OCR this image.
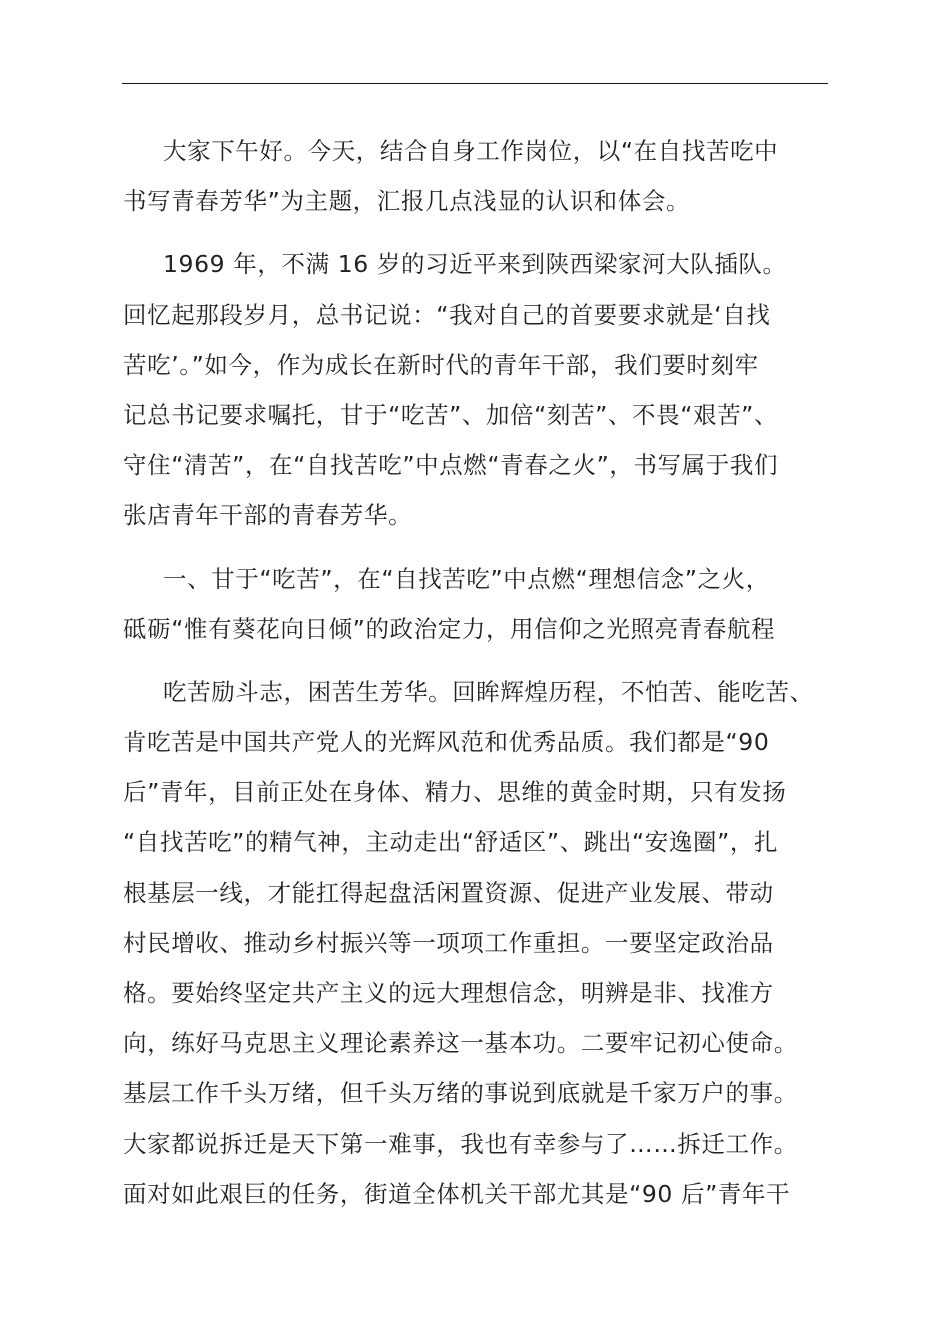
大家下午好。今天，结合自身工作岗位，以“在自找苦吃中
书写青春芳华”为主题，汇报几点浅显的认识和体会。

1969 年，不满 16 岁的习近平来到陕西梁家河大队插队。
回忆起那段岁月，总书记说：“我对自己的首要要求就是‘自找
苦吃’。”如今，作为成长在新时代的青年干部，我们要时刻牢
记总书记要求嘱托，甘于“吃苦”、加倍“刻苦”、不畏“艰苦”、
守住“清苦”，在“自找苦吃”中点燃“青春之火”，书写属于我们
张店青年干部的青春芳华。

一、甘于“吃苦”，在“自找苦吃”中点燃“理想信念”之火，
砥砺“惟有葵花向日倾”的政治定力，用信仰之光照亮青春航程

吃苦励斗志，困苦生芳华。回眸辉煌历程，不怕苦、能吃苦、
肯吃苦是中国共产党人的光辉风范和优秀品质。我们都是“90
后”青年，目前正处在身体、精力、思维的黄金时期，只有发扬
“自找苦吃”的精气神，主动走出“舒适区”、跳出“安逸圈”，扎
根基层一线，才能扛得起盘活闲置资源、促进产业发展、带动
村民增收、推动乡村振兴等一项项工作重担。一要坚定政治品
格。要始终坚定共产主义的远大理想信念，明辨是非、找准方
向，练好马克思主义理论素养这一基本功。二要牢记初心使命。
基层工作千头万绪，但千头万绪的事说到底就是千家万户的事。
大家都说拆迁是天下第一难事，我也有幸参与了……拆迁工作。
面对如此艰巨的任务，街道全体机关干部尤其是“90 后”青年干
